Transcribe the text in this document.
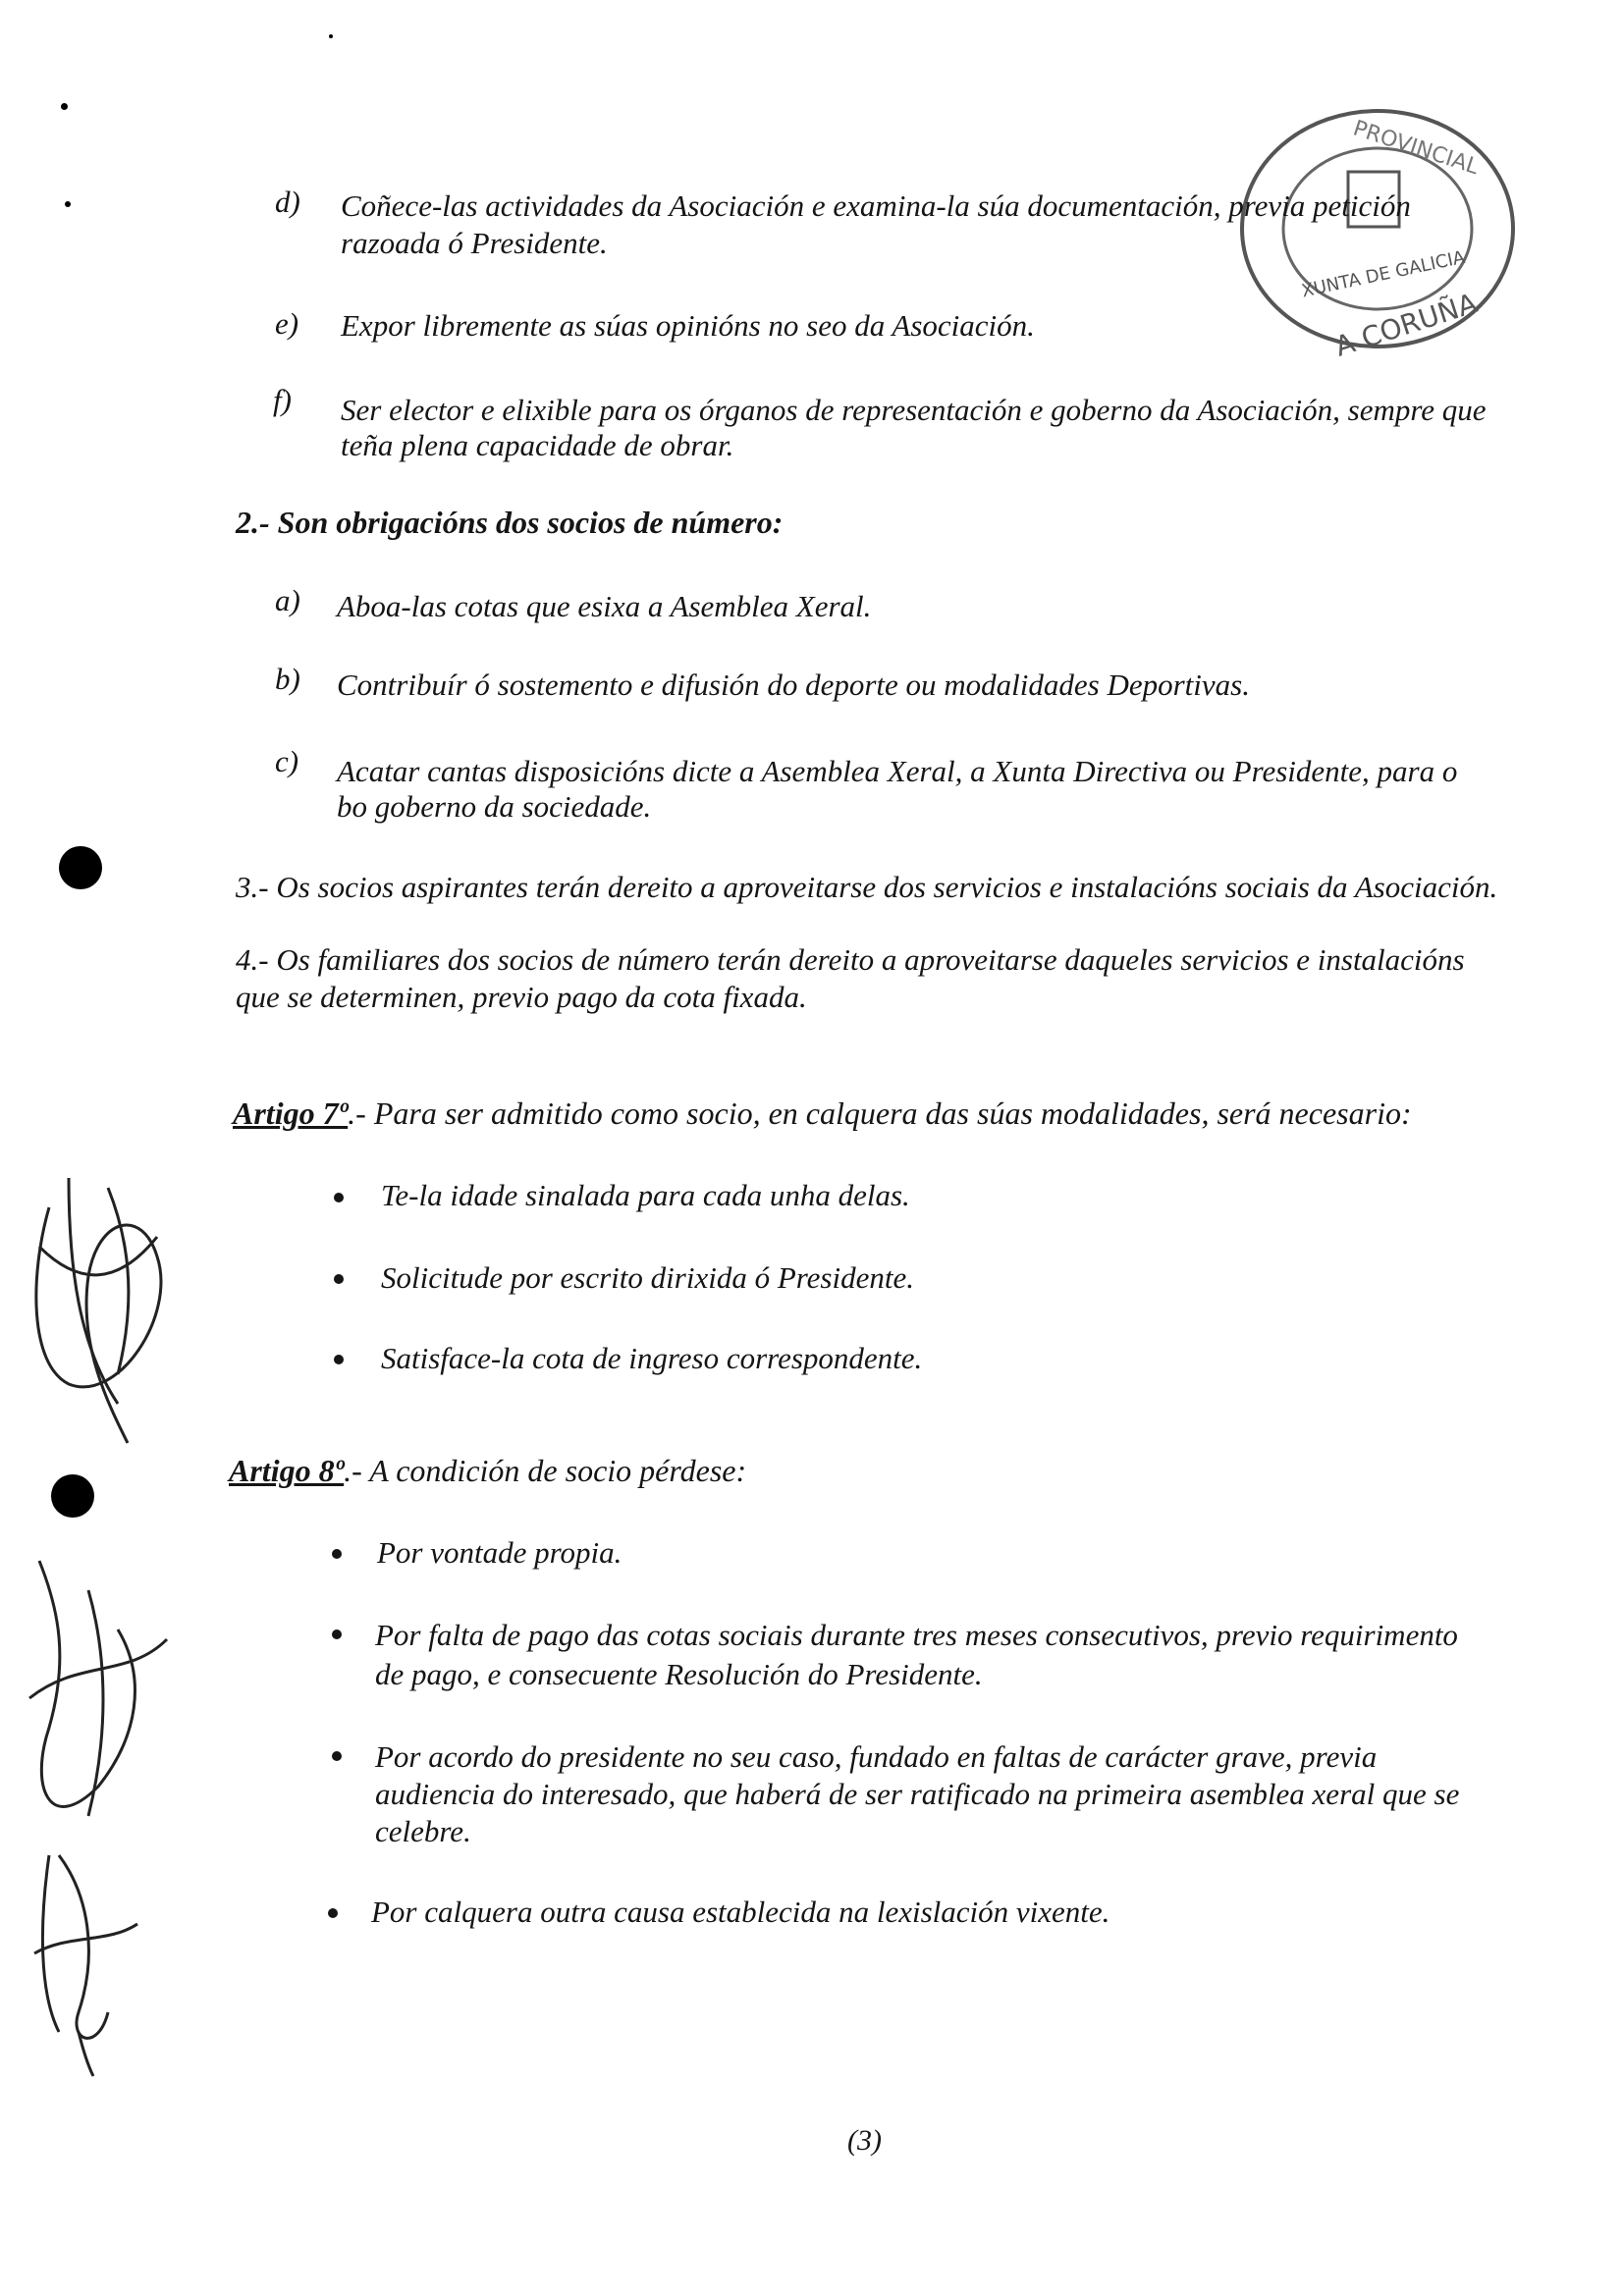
XUNTA DE GALICIA
A CORUÑA
PROVINCIAL
d) Coñece-las actividades da Asociación e examina-la súa documentación, previa petición
razoada ó Presidente.
e) Expor libremente as súas opinións no seo da Asociación.
f) Ser elector e elixible para os órganos de representación e goberno da Asociación, sempre que
teña plena capacidade de obrar.
2.- Son obrigacións dos socios de número:
a) Aboa-las cotas que esixa a Asemblea Xeral.
b) Contribuír ó sostemento e difusión do deporte ou modalidades Deportivas.
c) Acatar cantas disposicións dicte a Asemblea Xeral, a Xunta Directiva ou Presidente, para o
bo goberno da sociedade.
3.- Os socios aspirantes terán dereito a aproveitarse dos servicios e instalacións sociais da Asociación.
4.- Os familiares dos socios de número terán dereito a aproveitarse daqueles servicios e instalacións
que se determinen, previo pago da cota fixada.
Artigo 7º.- Para ser admitido como socio, en calquera das súas modalidades, será necesario:
Te-la idade sinalada para cada unha delas.
Solicitude por escrito dirixida ó Presidente.
Satisface-la cota de ingreso correspondente.
Artigo 8º.- A condición de socio pérdese:
Por vontade propia.
Por falta de pago das cotas sociais durante tres meses consecutivos, previo requirimento
de pago, e consecuente Resolución do Presidente.
Por acordo do presidente no seu caso, fundado en faltas de carácter grave, previa
audiencia do interesado, que haberá de ser ratificado na primeira asemblea xeral que se
celebre.
Por calquera outra causa establecida na lexislación vixente.
(3)
